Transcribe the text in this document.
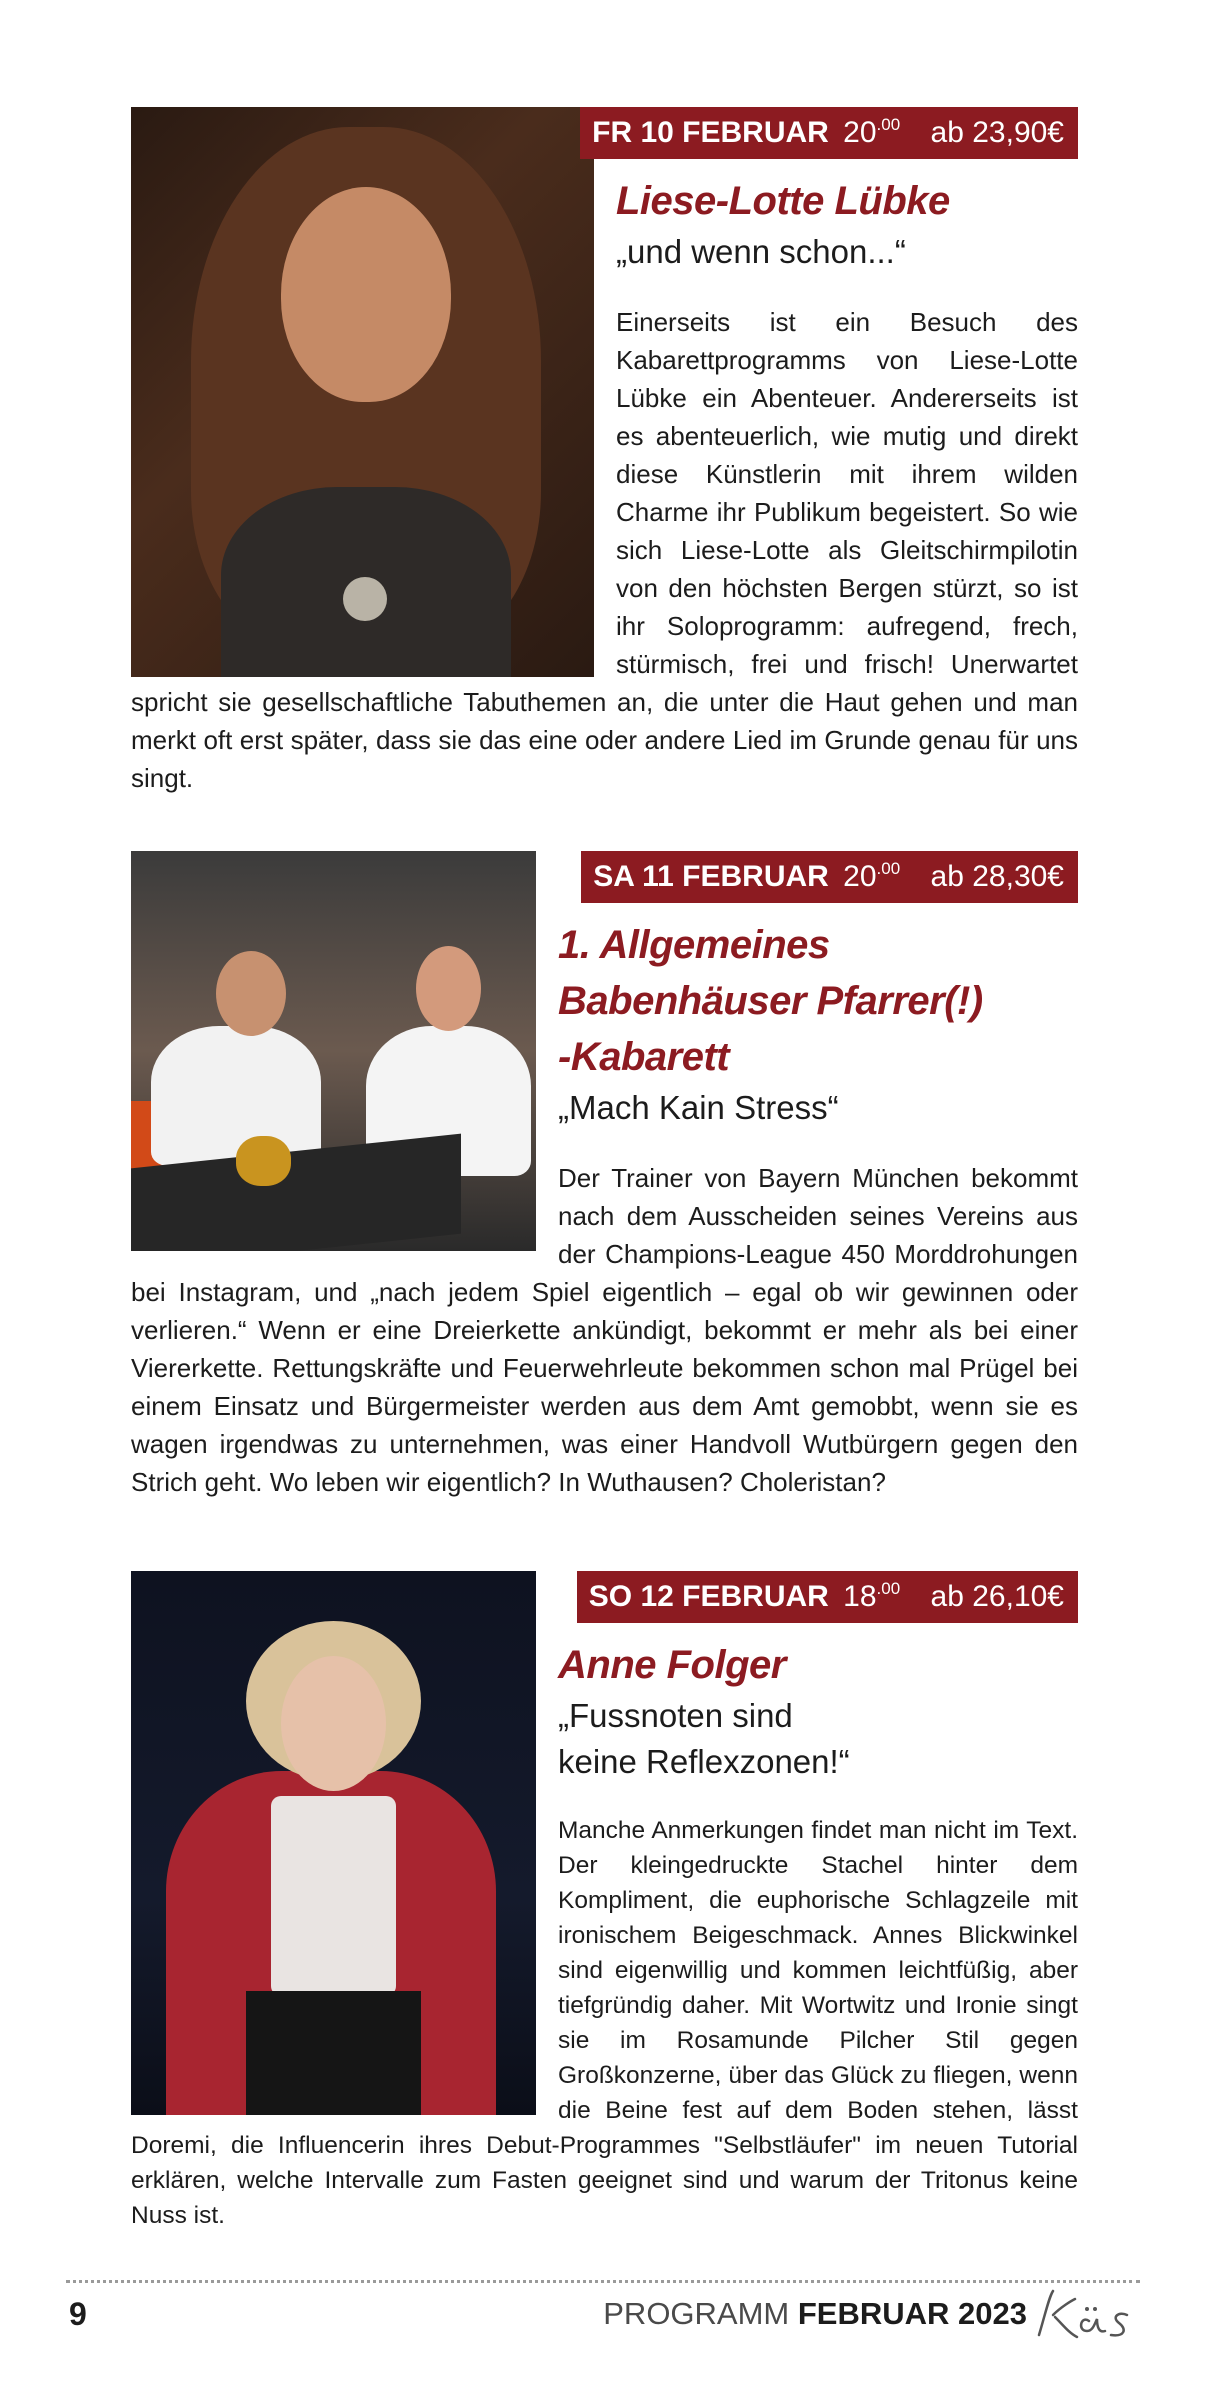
FR 10 FEBRUAR $20^{.00}$ ab 23,90€
Liese-Lotte Lübke

„und wenn schon...“

Einerseits ist ein Besuch des Kabarettprogramms von Liese-Lotte Lübke ein Abenteuer. Andererseits ist es abenteuerlich, wie mutig und direkt diese Künstlerin mit ihrem wilden Charme ihr Publikum begeistert. So wie sich Liese-Lotte als Gleitschirmpilotin von den höchsten Bergen stürzt, so ist ihr Soloprogramm: aufregend, frech, stürmisch, frei und frisch! Unerwartet spricht sie gesellschaftliche Tabuthemen an, die unter die Haut gehen und man merkt oft erst später, dass sie das eine oder andere Lied im Grunde genau für uns singt.

SA 11 FEBRUAR $20^{.00}$ ab 28,30€
1. Allgemeines
Babenhäuser Pfarrer(!)
-Kabarett

„Mach Kain Stress“

Der Trainer von Bayern München bekommt nach dem Ausscheiden seines Vereins aus der Champions-League 450 Morddrohungen bei Instagram, und „nach jedem Spiel eigentlich – egal ob wir gewinnen oder verlieren.“ Wenn er eine Dreierkette ankündigt, bekommt er mehr als bei einer Viererkette. Rettungskräfte und Feuerwehrleute bekommen schon mal Prügel bei einem Einsatz und Bürgermeister werden aus dem Amt gemobbt, wenn sie es wagen irgendwas zu unternehmen, was einer Handvoll Wutbürgern gegen den Strich geht. Wo leben wir eigentlich? In Wuthausen? Choleristan?

SO 12 FEBRUAR $18^{.00}$ ab 26,10€
Anne Folger

„Fussnoten sind
keine Reflexzonen!“

Manche Anmerkungen findet man nicht im Text. Der kleingedruckte Stachel hinter dem Kompliment, die euphorische Schlagzeile mit ironischem Beigeschmack. Annes Blickwinkel sind eigenwillig und kommen leichtfüßig, aber tiefgründig daher. Mit Wortwitz und Ironie singt sie im Rosamunde Pilcher Stil gegen Großkonzerne, über das Glück zu fliegen, wenn die Beine fest auf dem Boden stehen, lässt Doremi, die Influencerin ihres Debut-Programmes "Selbstläufer" im neuen Tutorial erklären, welche Intervalle zum Fasten geeignet sind und warum der Tritonus keine Nuss ist.

9	PROGRAMM FEBRUAR 2023
